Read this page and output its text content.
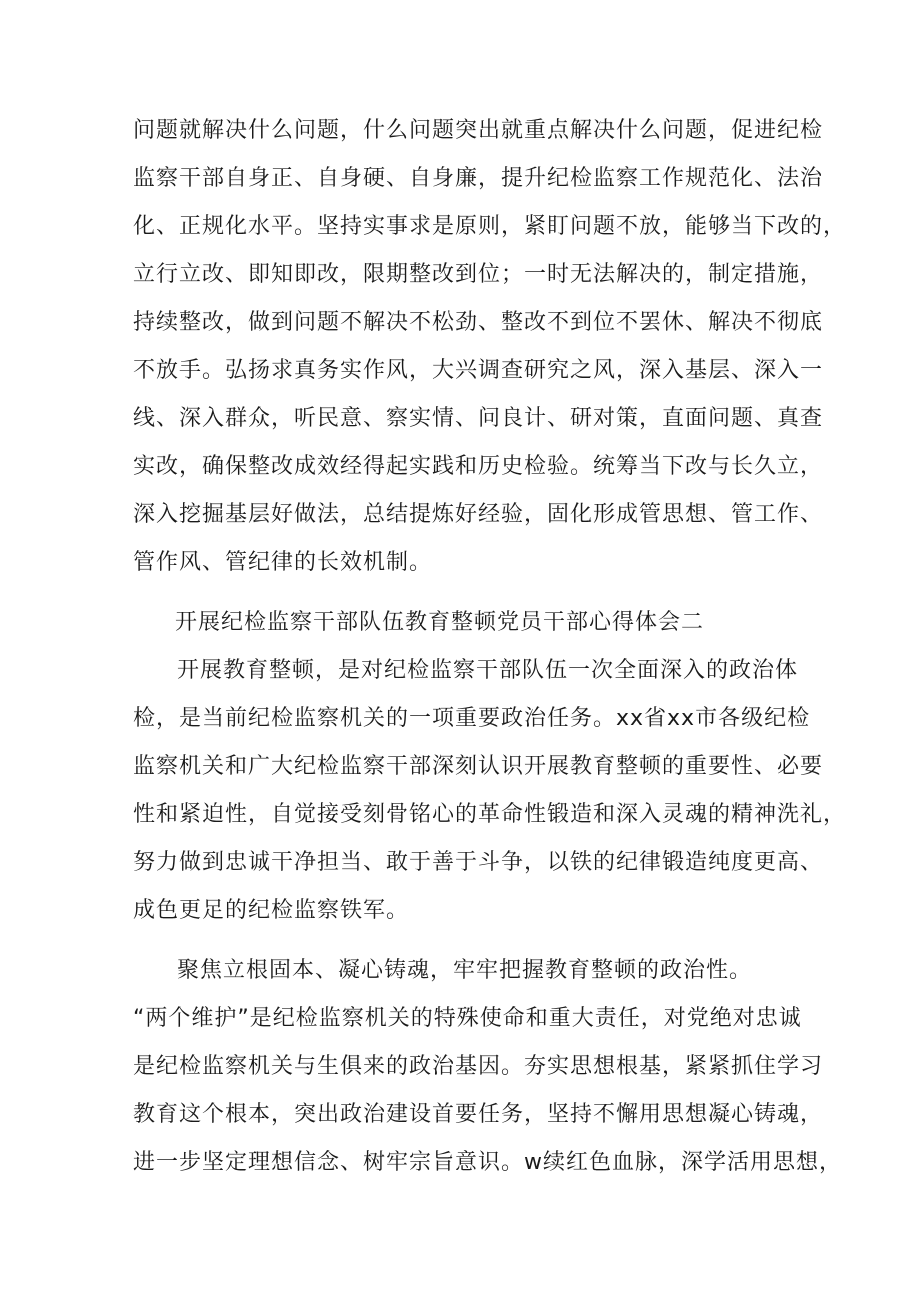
问题就解决什么问题，什么问题突出就重点解决什么问题，促进纪检
监察干部自身正、自身硬、自身廉，提升纪检监察工作规范化、法治
化、正规化水平。坚持实事求是原则，紧盯问题不放，能够当下改的，
立行立改、即知即改，限期整改到位；一时无法解决的，制定措施，
持续整改，做到问题不解决不松劲、整改不到位不罢休、解决不彻底
不放手。弘扬求真务实作风，大兴调查研究之风，深入基层、深入一
线、深入群众，听民意、察实情、问良计、研对策，直面问题、真查
实改，确保整改成效经得起实践和历史检验。统筹当下改与长久立，
深入挖掘基层好做法，总结提炼好经验，固化形成管思想、管工作、
管作风、管纪律的长效机制。
开展纪检监察干部队伍教育整顿党员干部心得体会二
开展教育整顿，是对纪检监察干部队伍一次全面深入的政治体
检，是当前纪检监察机关的一项重要政治任务。xx省xx市各级纪检
监察机关和广大纪检监察干部深刻认识开展教育整顿的重要性、必要
性和紧迫性，自觉接受刻骨铭心的革命性锻造和深入灵魂的精神洗礼，
努力做到忠诚干净担当、敢于善于斗争，以铁的纪律锻造纯度更高、
成色更足的纪检监察铁军。
聚焦立根固本、凝心铸魂，牢牢把握教育整顿的政治性。
“两个维护”是纪检监察机关的特殊使命和重大责任，对党绝对忠诚
是纪检监察机关与生俱来的政治基因。夯实思想根基，紧紧抓住学习
教育这个根本，突出政治建设首要任务，坚持不懈用思想凝心铸魂，
进一步坚定理想信念、树牢宗旨意识。w续红色血脉，深学活用思想，
